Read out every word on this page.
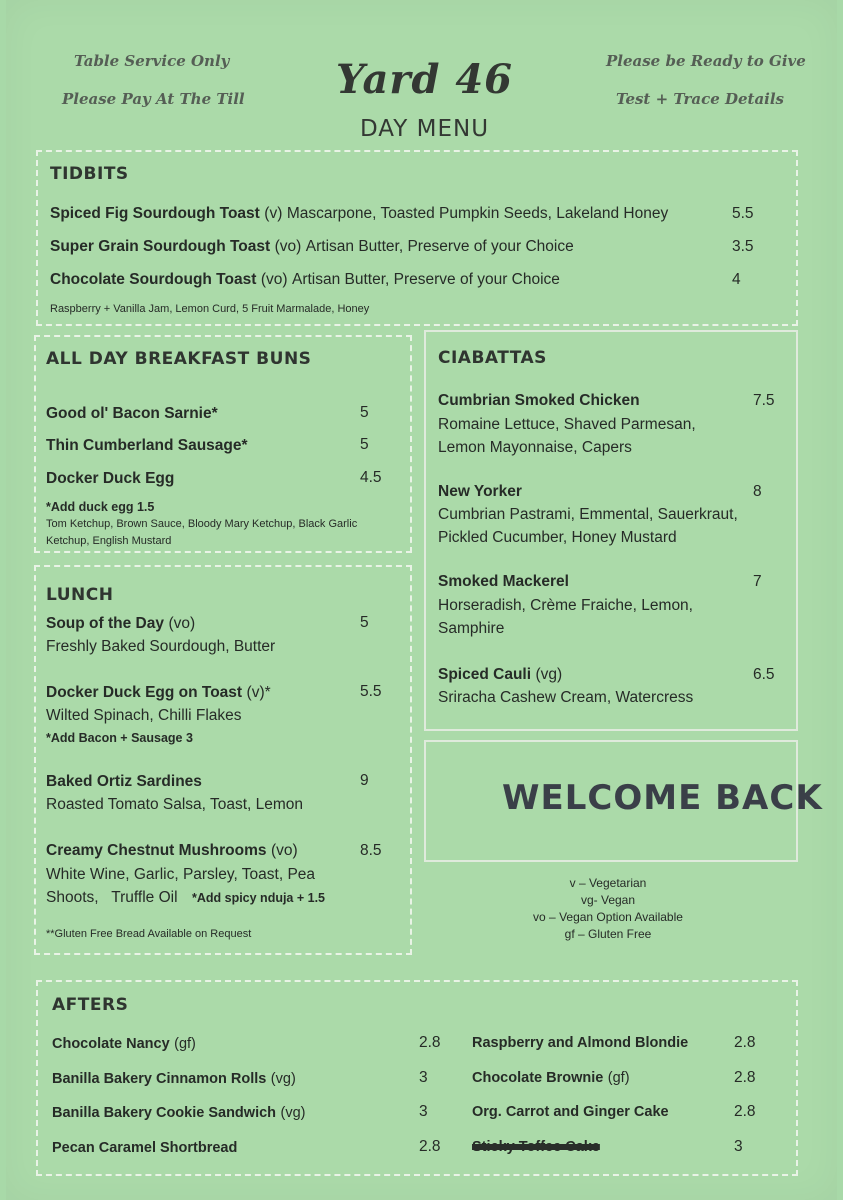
Table Service Only
Please Pay At The Till Yard 46
DAY MENU
Please be Ready to Give
Test + Trace Details
TIDBITS
Spiced Fig Sourdough Toast (v) Mascarpone, Toasted Pumpkin Seeds, Lakeland Honey	5.5
Super Grain Sourdough Toast (vo) Artisan Butter, Preserve of your Choice	3.5
Chocolate Sourdough Toast (vo) Artisan Butter, Preserve of your Choice	4
Raspberry + Vanilla Jam, Lemon Curd, 5 Fruit Marmalade, Honey
ALL DAY BREAKFAST BUNS
Good ol' Bacon Sarnie*	5
Thin Cumberland Sausage*	5
Docker Duck Egg	4.5
*Add duck egg 1.5
Tom Ketchup, Brown Sauce, Bloody Mary Ketchup, Black Garlic
Ketchup, English Mustard
LUNCH
Soup of the Day (vo)	5
Freshly Baked Sourdough, Butter
Docker Duck Egg on Toast (v)*	5.5
Wilted Spinach, Chilli Flakes
*Add Bacon + Sausage 3
Baked Ortiz Sardines	9
Roasted Tomato Salsa, Toast, Lemon
Creamy Chestnut Mushrooms (vo)	8.5
White Wine, Garlic, Parsley, Toast, Pea
Shoots,   Truffle Oil *Add spicy nduja + 1.5
**Gluten Free Bread Available on Request
CIABATTAS
Cumbrian Smoked Chicken	7.5
Romaine Lettuce, Shaved Parmesan,
Lemon Mayonnaise, Capers
New Yorker	8
Cumbrian Pastrami, Emmental, Sauerkraut,
Pickled Cucumber, Honey Mustard
Smoked Mackerel	7
Horseradish, Crème Fraiche, Lemon,
Samphire
Spiced Cauli (vg)	6.5
Sriracha Cashew Cream, Watercress
WELCOME BACK
v – Vegetarian
vg- Vegan
vo – Vegan Option Available
gf – Gluten Free
AFTERS
Chocolate Nancy (gf)	2.8
Banilla Bakery Cinnamon Rolls (vg)	3
Banilla Bakery Cookie Sandwich (vg)	3
Pecan Caramel Shortbread	2.8
Raspberry and Almond Blondie	2.8
Chocolate Brownie (gf)	2.8
Org. Carrot and Ginger Cake	2.8
Sticky Toffee Cake	3
